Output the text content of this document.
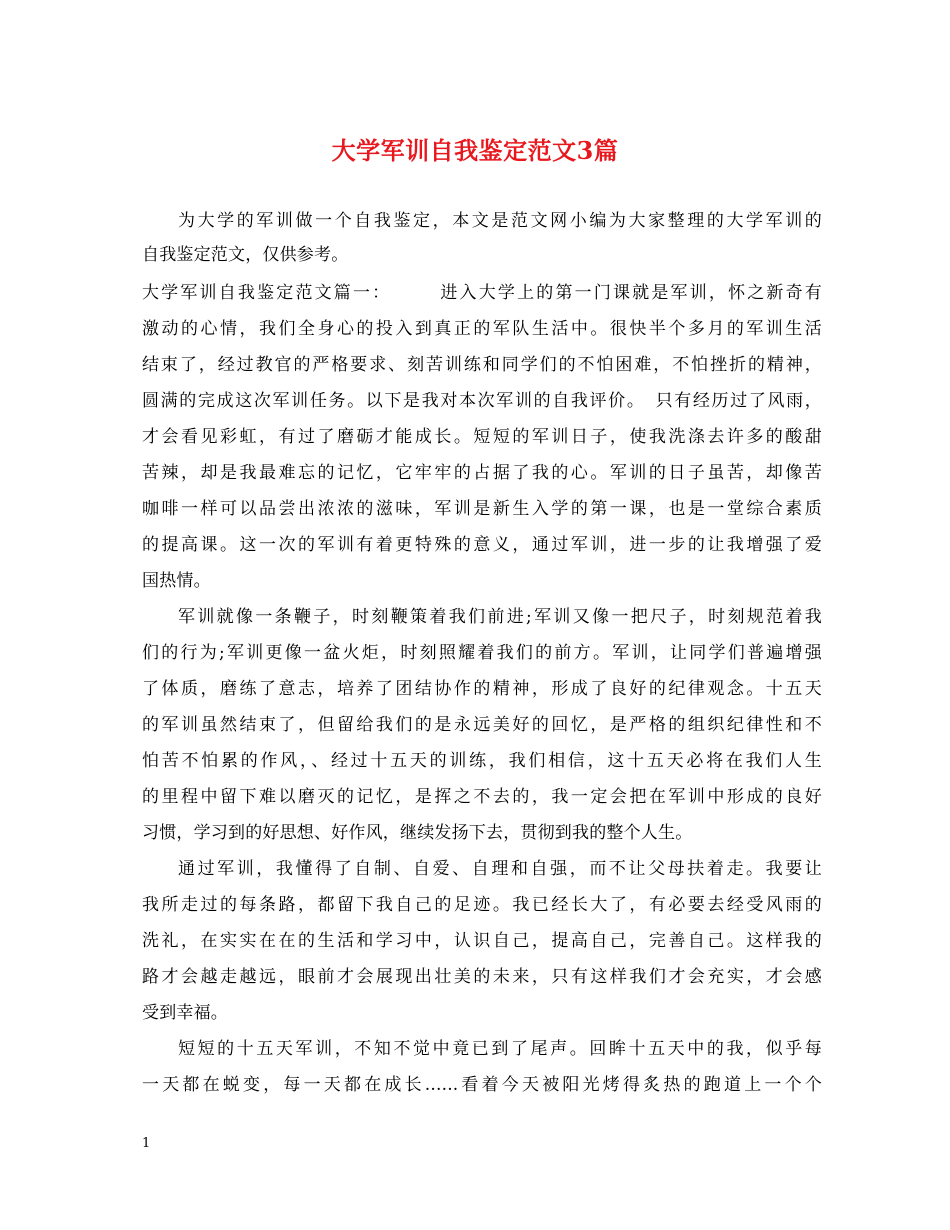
大学军训自我鉴定范文3篇
为大学的军训做一个自我鉴定，本文是范文网小编为大家整理的大学军训的
自我鉴定范文，仅供参考。
大学军训自我鉴定范文篇一：　　　进入大学上的第一门课就是军训，怀之新奇有
激动的心情，我们全身心的投入到真正的军队生活中。很快半个多月的军训生活
结束了，经过教官的严格要求、刻苦训练和同学们的不怕困难，不怕挫折的精神，
圆满的完成这次军训任务。以下是我对本次军训的自我评价。　只有经历过了风雨，
才会看见彩虹，有过了磨砺才能成长。短短的军训日子，使我洗涤去许多的酸甜
苦辣，却是我最难忘的记忆，它牢牢的占据了我的心。军训的日子虽苦，却像苦
咖啡一样可以品尝出浓浓的滋味，军训是新生入学的第一课，也是一堂综合素质
的提高课。这一次的军训有着更特殊的意义，通过军训，进一步的让我增强了爱
国热情。
军训就像一条鞭子，时刻鞭策着我们前进;军训又像一把尺子，时刻规范着我
们的行为;军训更像一盆火炬，时刻照耀着我们的前方。军训，让同学们普遍增强
了体质，磨练了意志，培养了团结协作的精神，形成了良好的纪律观念。十五天
的军训虽然结束了，但留给我们的是永远美好的回忆，是严格的组织纪律性和不
怕苦不怕累的作风，、经过十五天的训练，我们相信，这十五天必将在我们人生
的里程中留下难以磨灭的记忆，是挥之不去的，我一定会把在军训中形成的良好
习惯，学习到的好思想、好作风，继续发扬下去，贯彻到我的整个人生。
通过军训，我懂得了自制、自爱、自理和自强，而不让父母扶着走。我要让
我所走过的每条路，都留下我自己的足迹。我已经长大了，有必要去经受风雨的
洗礼，在实实在在的生活和学习中，认识自己，提高自己，完善自己。这样我的
路才会越走越远，眼前才会展现出壮美的未来，只有这样我们才会充实，才会感
受到幸福。
短短的十五天军训，不知不觉中竟已到了尾声。回眸十五天中的我，似乎每
一天都在蜕变，每一天都在成长......看着今天被阳光烤得炙热的跑道上一个个
1
